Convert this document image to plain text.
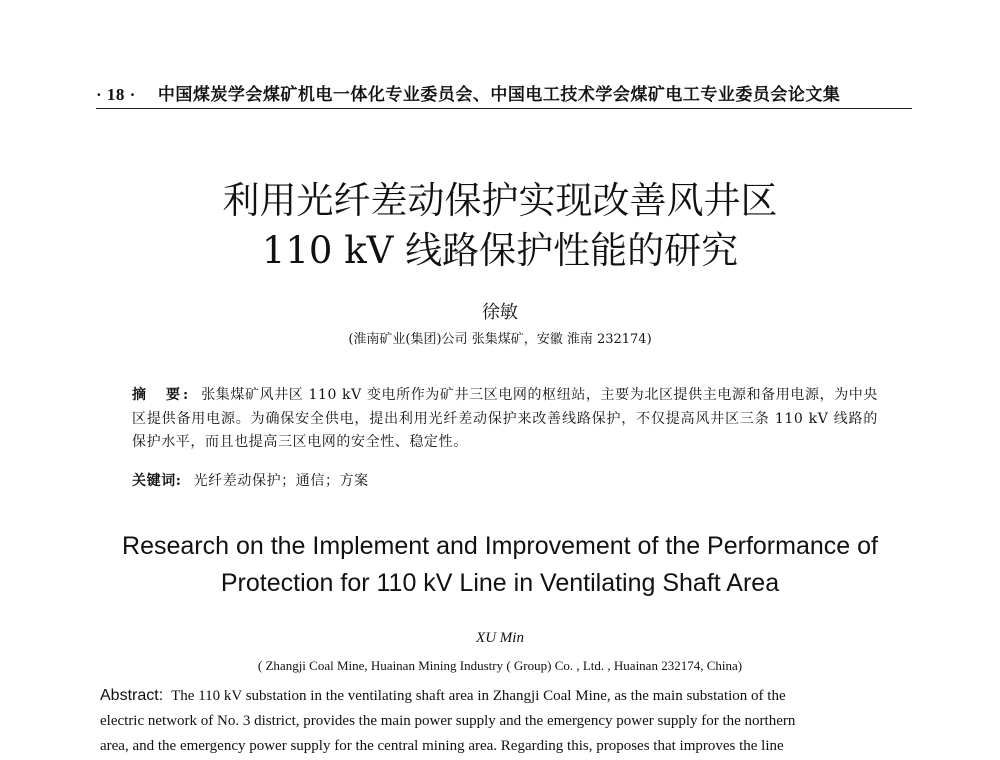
· 18 · 中国煤炭学会煤矿机电一体化专业委员会、中国电工技术学会煤矿电工专业委员会论文集
利用光纤差动保护实现改善风井区
110 kV 线路保护性能的研究
徐敏
(淮南矿业(集团)公司 张集煤矿，安徽 淮南 232174)
摘　要: 张集煤矿风井区 110 kV 变电所作为矿井三区电网的枢纽站，主要为北区提供主电源和备用电源，为中央区提供备用电源。为确保安全供电，提出利用光纤差动保护来改善线路保护，不仅提高风井区三条 110 kV 线路的保护水平，而且也提高三区电网的安全性、稳定性。
关键词: 光纤差动保护；通信；方案
Research on the Implement and Improvement of the Performance of
Protection for 110 kV Line in Ventilating Shaft Area
XU Min
( Zhangji Coal Mine, Huainan Mining Industry ( Group) Co. , Ltd. , Huainan 232174, China)
Abstract: The 110 kV substation in the ventilating shaft area in Zhangji Coal Mine, as the main substation of the
electric network of No. 3 district, provides the main power supply and the emergency power supply for the northern
area, and the emergency power supply for the central mining area. Regarding this, proposes that improves the line
